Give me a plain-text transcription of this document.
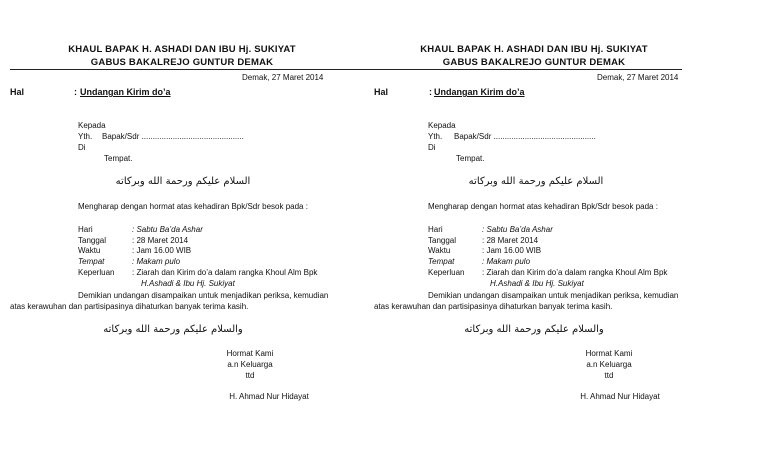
KHAUL BAPAK H. ASHADI DAN IBU Hj. SUKIYAT
GABUS BAKALREJO GUNTUR DEMAK
Demak, 27 Maret 2014
Hal	: Undangan Kirim do’a
Kepada
Yth. Bapak/Sdr ..............................................
Di
Tempat.
السلام عليكم ورحمة الله وبركاته
Mengharap dengan hormat atas kehadiran Bpk/Sdr besok pada :
Hari	: Sabtu Ba’da Ashar
Tanggal	: 28 Maret 2014
Waktu	: Jam 16.00 WIB
Tempat	: Makam pulo
Keperluan : Ziarah dan Kirim do’a dalam rangka Khoul Alm Bpk
H.Ashadi & Ibu Hj. Sukiyat
Demikian undangan disampaikan untuk menjadikan periksa, kemudian
atas kerawuhan dan partisipasinya dihaturkan banyak terima kasih.
والسلام عليكم ورحمة الله وبركاته
Hormat Kami
a.n Keluarga
ttd
H. Ahmad Nur Hidayat
KHAUL BAPAK H. ASHADI DAN IBU Hj. SUKIYAT
GABUS BAKALREJO GUNTUR DEMAK
Demak, 27 Maret 2014
Hal	: Undangan Kirim do’a
Kepada
Yth. Bapak/Sdr ..............................................
Di
Tempat.
السلام عليكم ورحمة الله وبركاته
Mengharap dengan hormat atas kehadiran Bpk/Sdr besok pada :
Hari	: Sabtu Ba’da Ashar
Tanggal	: 28 Maret 2014
Waktu	: Jam 16.00 WIB
Tempat	: Makam pulo
Keperluan : Ziarah dan Kirim do’a dalam rangka Khoul Alm Bpk
H.Ashadi & Ibu Hj. Sukiyat
Demikian undangan disampaikan untuk menjadikan periksa, kemudian
atas kerawuhan dan partisipasinya dihaturkan banyak terima kasih.
والسلام عليكم ورحمة الله وبركاته
Hormat Kami
a.n Keluarga
ttd
H. Ahmad Nur Hidayat
